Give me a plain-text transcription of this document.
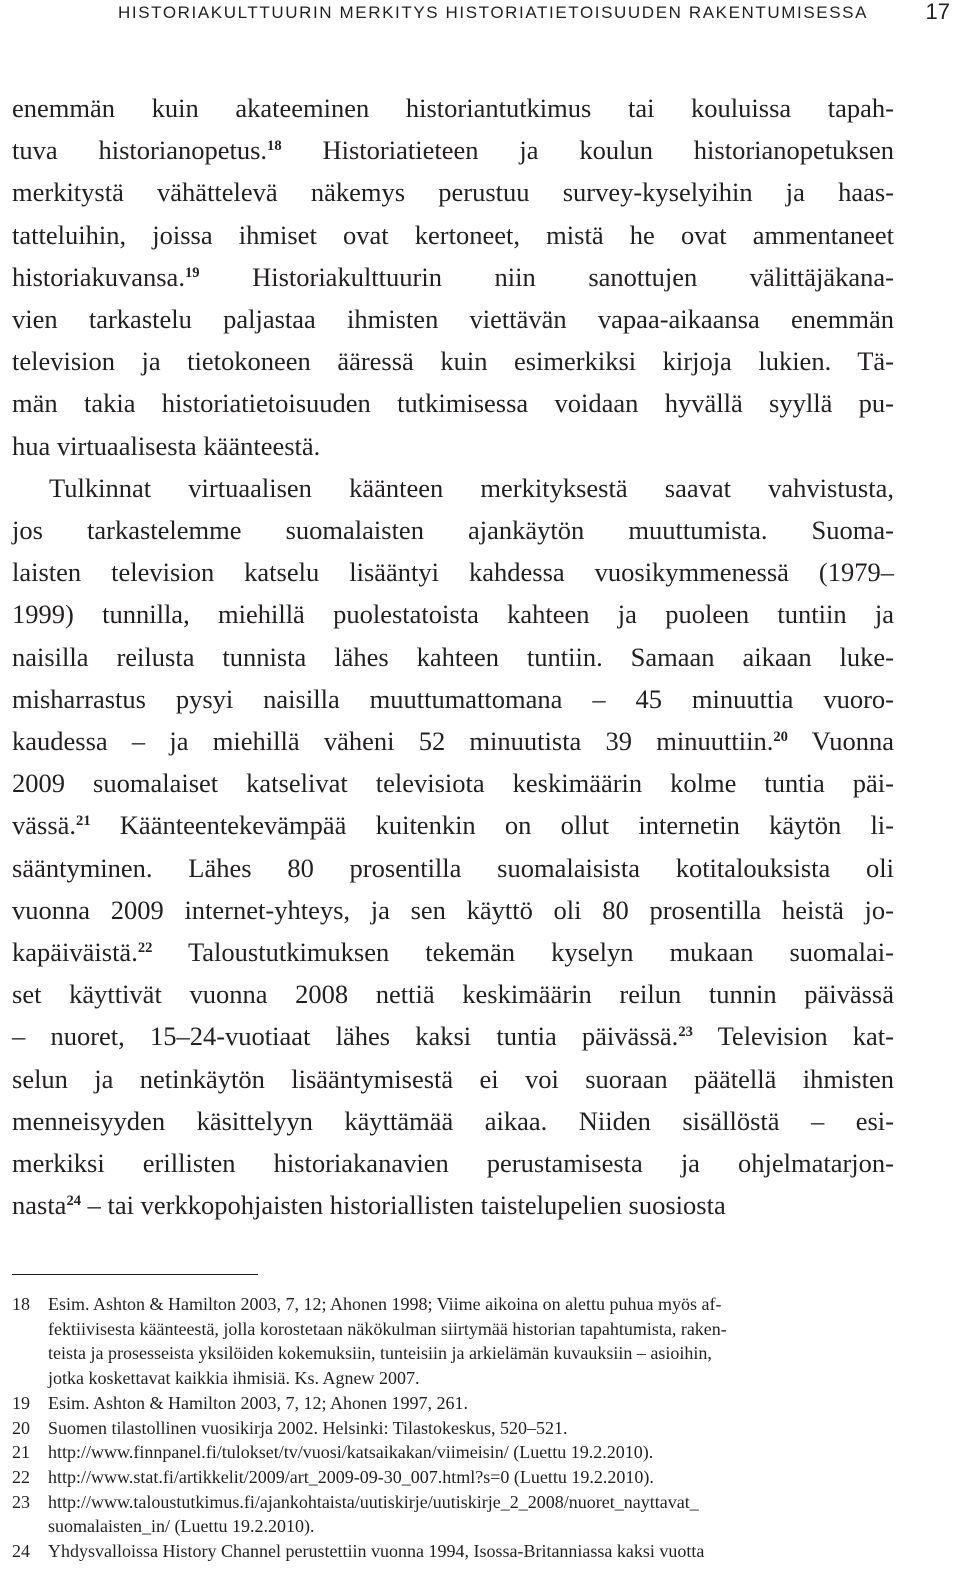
HISTORIAKULTTUURIN MERKITYS HISTORIATIETOISUUDEN RAKENTUMISESSA	17
enemmän kuin akateeminen historiantutkimus tai kouluissa tapah-
tuva historianopetus.$^{18}$ Historiatieteen ja koulun historianopetuksen
merkitystä vähättelevä näkemys perustuu survey-kyselyihin ja haas-
tatteluihin, joissa ihmiset ovat kertoneet, mistä he ovat ammentaneet
historiakuvansa.$^{19}$ Historiakulttuurin niin sanottujen välittäjäkana-
vien tarkastelu paljastaa ihmisten viettävän vapaa-aikaansa enemmän
television ja tietokoneen ääressä kuin esimerkiksi kirjoja lukien. Tä-
män takia historiatietoisuuden tutkimisessa voidaan hyvällä syyllä pu-
hua virtuaalisesta käänteestä.
Tulkinnat virtuaalisen käänteen merkityksestä saavat vahvistusta,
jos tarkastelemme suomalaisten ajankäytön muuttumista. Suoma-
laisten television katselu lisääntyi kahdessa vuosikymmenessä (1979–
1999) tunnilla, miehillä puolestatoista kahteen ja puoleen tuntiin ja
naisilla reilusta tunnista lähes kahteen tuntiin. Samaan aikaan luke-
misharrastus pysyi naisilla muuttumattomana – 45 minuuttia vuoro-
kaudessa – ja miehillä väheni 52 minuutista 39 minuuttiin.$^{20}$ Vuonna
2009 suomalaiset katselivat televisiota keskimäärin kolme tuntia päi-
vässä.$^{21}$ Käänteentekevämpää kuitenkin on ollut internetin käytön li-
sääntyminen. Lähes 80 prosentilla suomalaisista kotitalouksista oli
vuonna 2009 internet-yhteys, ja sen käyttö oli 80 prosentilla heistä jo-
kapäiväistä.$^{22}$ Taloustutkimuksen tekemän kyselyn mukaan suomalai-
set käyttivät vuonna 2008 nettiä keskimäärin reilun tunnin päivässä
– nuoret, 15–24-vuotiaat lähes kaksi tuntia päivässä.$^{23}$ Television kat-
selun ja netinkäytön lisääntymisestä ei voi suoraan päätellä ihmisten
menneisyyden käsittelyyn käyttämää aikaa. Niiden sisällöstä – esi-
merkiksi erillisten historiakanavien perustamisesta ja ohjelmatarjon-
nasta$^{24}$ – tai verkkopohjaisten historiallisten taistelupelien suosiosta
18 Esim. Ashton & Hamilton 2003, 7, 12; Ahonen 1998; Viime aikoina on alettu puhua myös af-
fektiivisesta käänteestä, jolla korostetaan näkökulman siirtymää historian tapahtumista, raken-
teista ja prosesseista yksilöiden kokemuksiin, tunteisiin ja arkielämän kuvauksiin – asioihin,
jotka koskettavat kaikkia ihmisiä. Ks. Agnew 2007.
19 Esim. Ashton & Hamilton 2003, 7, 12; Ahonen 1997, 261.
20 Suomen tilastollinen vuosikirja 2002. Helsinki: Tilastokeskus, 520–521.
21 http://www.finnpanel.fi/tulokset/tv/vuosi/katsaikakan/viimeisin/ (Luettu 19.2.2010).
22 http://www.stat.fi/artikkelit/2009/art_2009-09-30_007.html?s=0 (Luettu 19.2.2010).
23 http://www.taloustutkimus.fi/ajankohtaista/uutiskirje/uutiskirje_2_2008/nuoret_nayttavat_
suomalaisten_in/ (Luettu 19.2.2010).
24 Yhdysvalloissa History Channel perustettiin vuonna 1994, Isossa-Britanniassa kaksi vuotta
